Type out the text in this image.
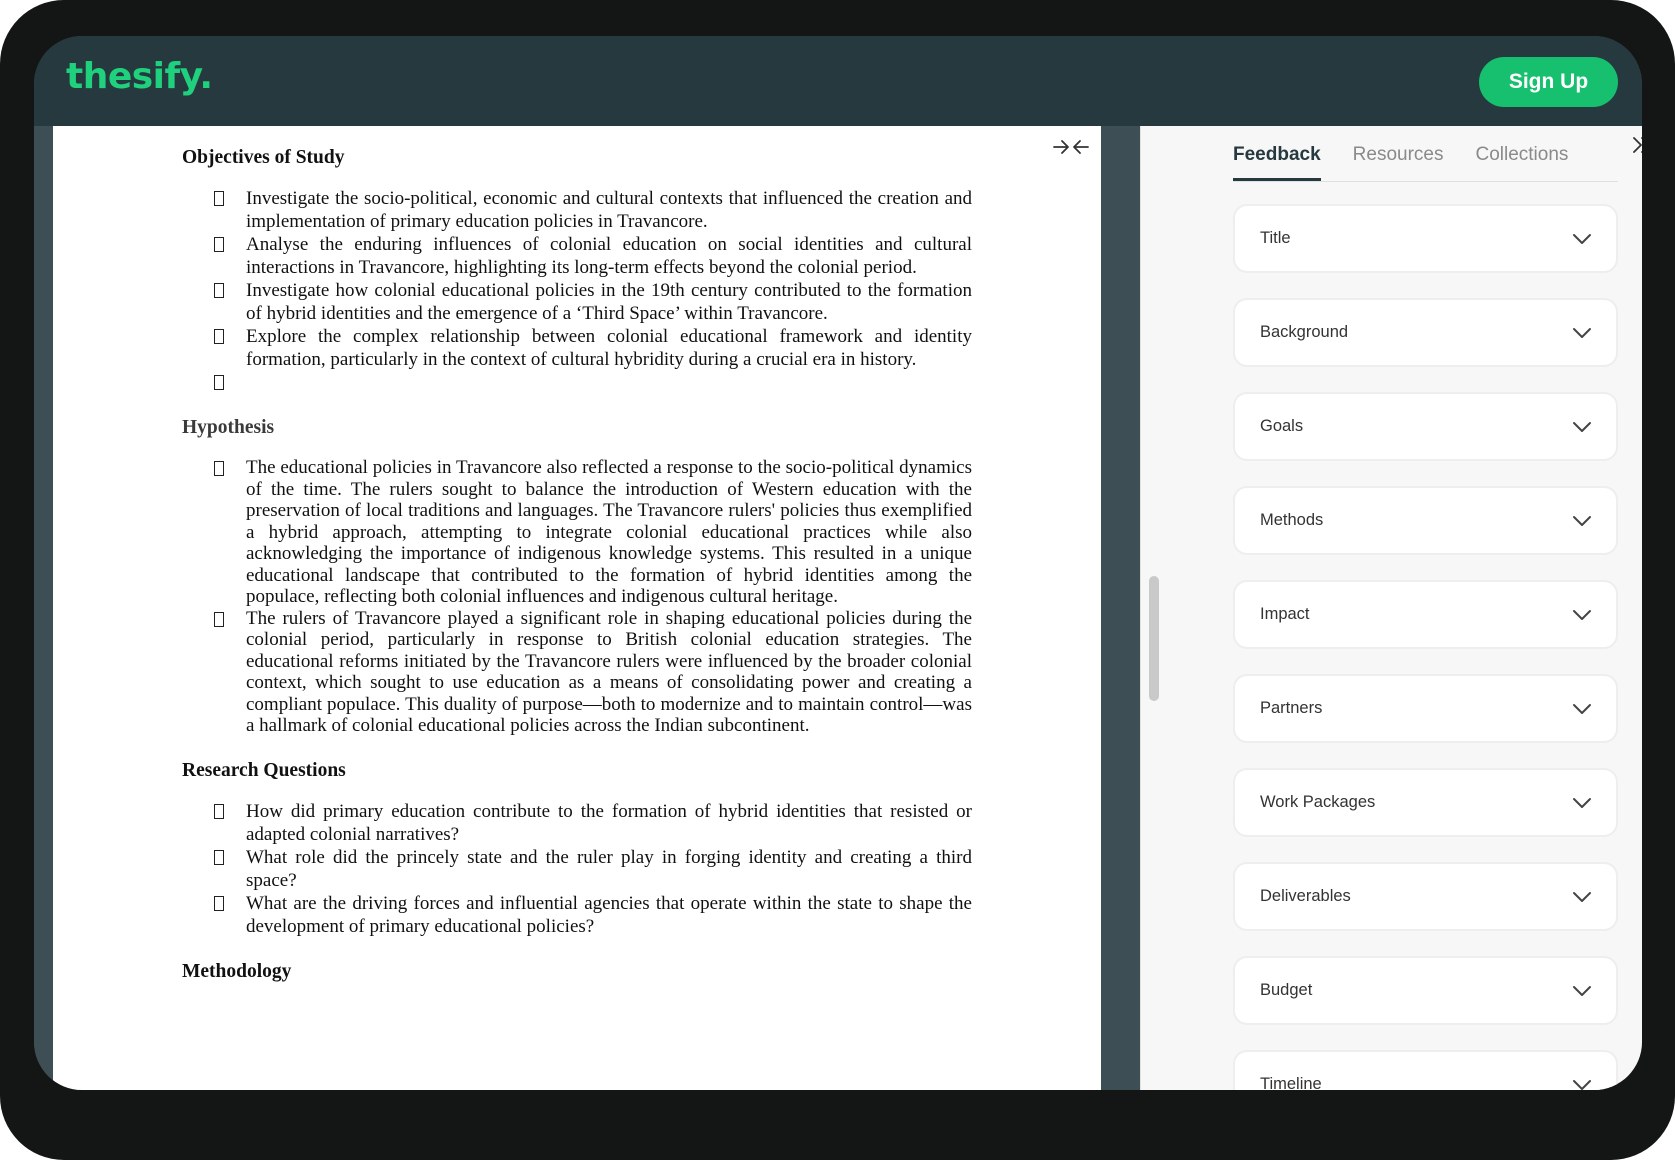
thesify.	Sign Up
Objectives of Study
Investigate the socio-political, economic and cultural contexts that influenced the creation and implementation of primary education policies in Travancore.
Analyse the enduring influences of colonial education on social identities and cultural interactions in Travancore, highlighting its long-term effects beyond the colonial period.
Investigate how colonial educational policies in the 19th century contributed to the formation of hybrid identities and the emergence of a ‘Third Space’ within Travancore.
Explore the complex relationship between colonial educational framework and identity formation, particularly in the context of cultural hybridity during a crucial era in history.
Hypothesis
The educational policies in Travancore also reflected a response to the socio-political dynamics of the time. The rulers sought to balance the introduction of Western education with the preservation of local traditions and languages. The Travancore rulers' policies thus exemplified a hybrid approach, attempting to integrate colonial educational practices while also acknowledging the importance of indigenous knowledge systems. This resulted in a unique educational landscape that contributed to the formation of hybrid identities among the populace, reflecting both colonial influences and indigenous cultural heritage.
The rulers of Travancore played a significant role in shaping educational policies during the colonial period, particularly in response to British colonial education strategies. The educational reforms initiated by the Travancore rulers were influenced by the broader colonial context, which sought to use education as a means of consolidating power and creating a compliant populace. This duality of purpose—both to modernize and to maintain control—was a hallmark of colonial educational policies across the Indian subcontinent.
Research Questions
How did primary education contribute to the formation of hybrid identities that resisted or adapted colonial narratives?
What role did the princely state and the ruler play in forging identity and creating a third space?
What are the driving forces and influential agencies that operate within the state to shape the development of primary educational policies?
Methodology
Feedback Resources Collections
Title
Background
Goals
Methods
Impact
Partners
Work Packages
Deliverables
Budget
Timeline
